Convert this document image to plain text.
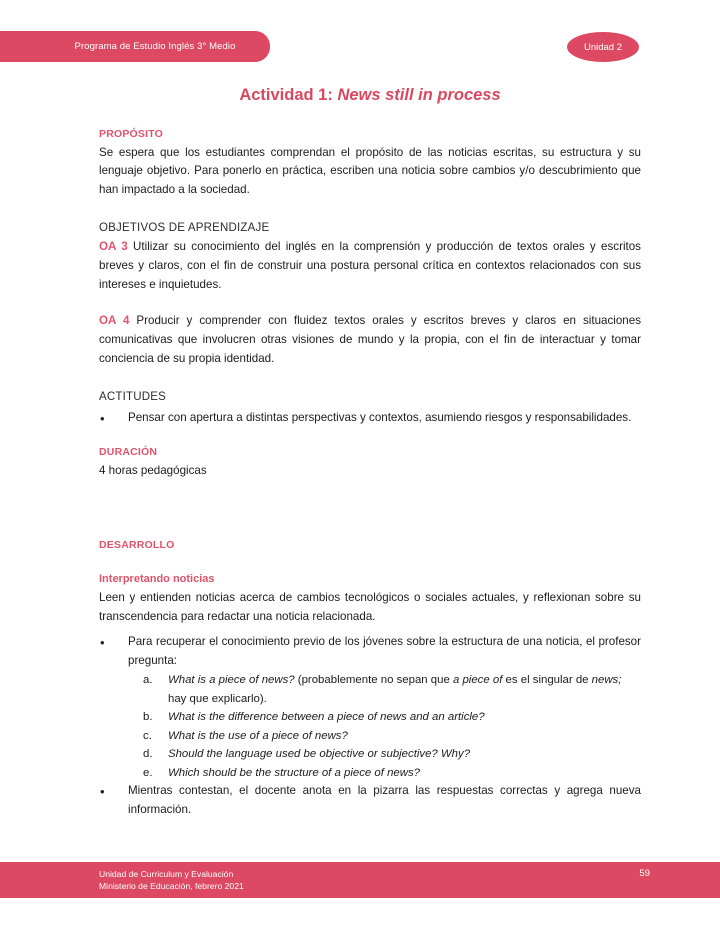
Programa de Estudio Inglés 3° Medio	Unidad 2
Actividad 1: News still in process
PROPÓSITO

Se espera que los estudiantes comprendan el propósito de las noticias escritas, su estructura y su lenguaje objetivo. Para ponerlo en práctica, escriben una noticia sobre cambios y/o descubrimiento que han impactado a la sociedad.

OBJETIVOS DE APRENDIZAJE

OA 3 Utilizar su conocimiento del inglés en la comprensión y producción de textos orales y escritos breves y claros, con el fin de construir una postura personal crítica en contextos relacionados con sus intereses e inquietudes.

OA 4 Producir y comprender con fluidez textos orales y escritos breves y claros en situaciones comunicativas que involucren otras visiones de mundo y la propia, con el fin de interactuar y tomar conciencia de su propia identidad.

ACTITUDES
• Pensar con apertura a distintas perspectivas y contextos, asumiendo riesgos y responsabilidades.
DURACIÓN

4 horas pedagógicas

DESARROLLO
Interpretando noticias

Leen y entienden noticias acerca de cambios tecnológicos o sociales actuales, y reflexionan sobre su transcendencia para redactar una noticia relacionada.

• Para recuperar el conocimiento previo de los jóvenes sobre la estructura de una noticia, el profesor pregunta:
a. What is a piece of news? (probablemente no sepan que a piece of es el singular de news; hay que explicarlo).
b. What is the difference between a piece of news and an article?
c. What is the use of a piece of news?
d. Should the language used be objective or subjective? Why?
e. Which should be the structure of a piece of news?
• Mientras contestan, el docente anota en la pizarra las respuestas correctas y agrega nueva información.
Unidad de Curriculum y Evaluación
Ministerio de Educación, febrero 2021
59
